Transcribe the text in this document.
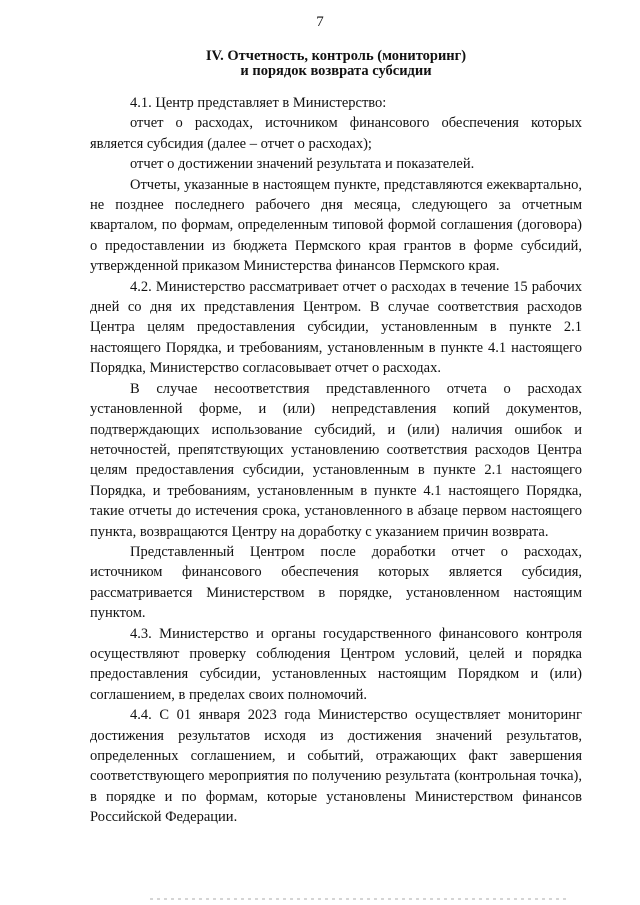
7
IV. Отчетность, контроль (мониторинг)
и порядок возврата субсидии

4.1. Центр представляет в Министерство:

отчет о расходах, источником финансового обеспечения которых является субсидия (далее – отчет о расходах);

отчет о достижении значений результата и показателей.

Отчеты, указанные в настоящем пункте, представляются ежеквартально, не позднее последнего рабочего дня месяца, следующего за отчетным кварталом, по формам, определенным типовой формой соглашения (договора) о предоставлении из бюджета Пермского края грантов в форме субсидий, утвержденной приказом Министерства финансов Пермского края.

4.2. Министерство рассматривает отчет о расходах в течение 15 рабочих дней со дня их представления Центром. В случае соответствия расходов Центра целям предоставления субсидии, установленным в пункте 2.1 настоящего Порядка, и требованиям, установленным в пункте 4.1 настоящего Порядка, Министерство согласовывает отчет о расходах.

В случае несоответствия представленного отчета о расходах установленной форме, и (или) непредставления копий документов, подтверждающих использование субсидий, и (или) наличия ошибок и неточностей, препятствующих установлению соответствия расходов Центра целям предоставления субсидии, установленным в пункте 2.1 настоящего Порядка, и требованиям, установленным в пункте 4.1 настоящего Порядка, такие отчеты до истечения срока, установленного в абзаце первом настоящего пункта, возвращаются Центру на доработку с указанием причин возврата.

Представленный Центром после доработки отчет о расходах, источником финансового обеспечения которых является субсидия, рассматривается Министерством в порядке, установленном настоящим пунктом.

4.3. Министерство и органы государственного финансового контроля осуществляют проверку соблюдения Центром условий, целей и порядка предоставления субсидии, установленных настоящим Порядком и (или) соглашением, в пределах своих полномочий.

4.4. С 01 января 2023 года Министерство осуществляет мониторинг достижения результатов исходя из достижения значений результатов, определенных соглашением, и событий, отражающих факт завершения соответствующего мероприятия по получению результата (контрольная точка), в порядке и по формам, которые установлены Министерством финансов Российской Федерации.
